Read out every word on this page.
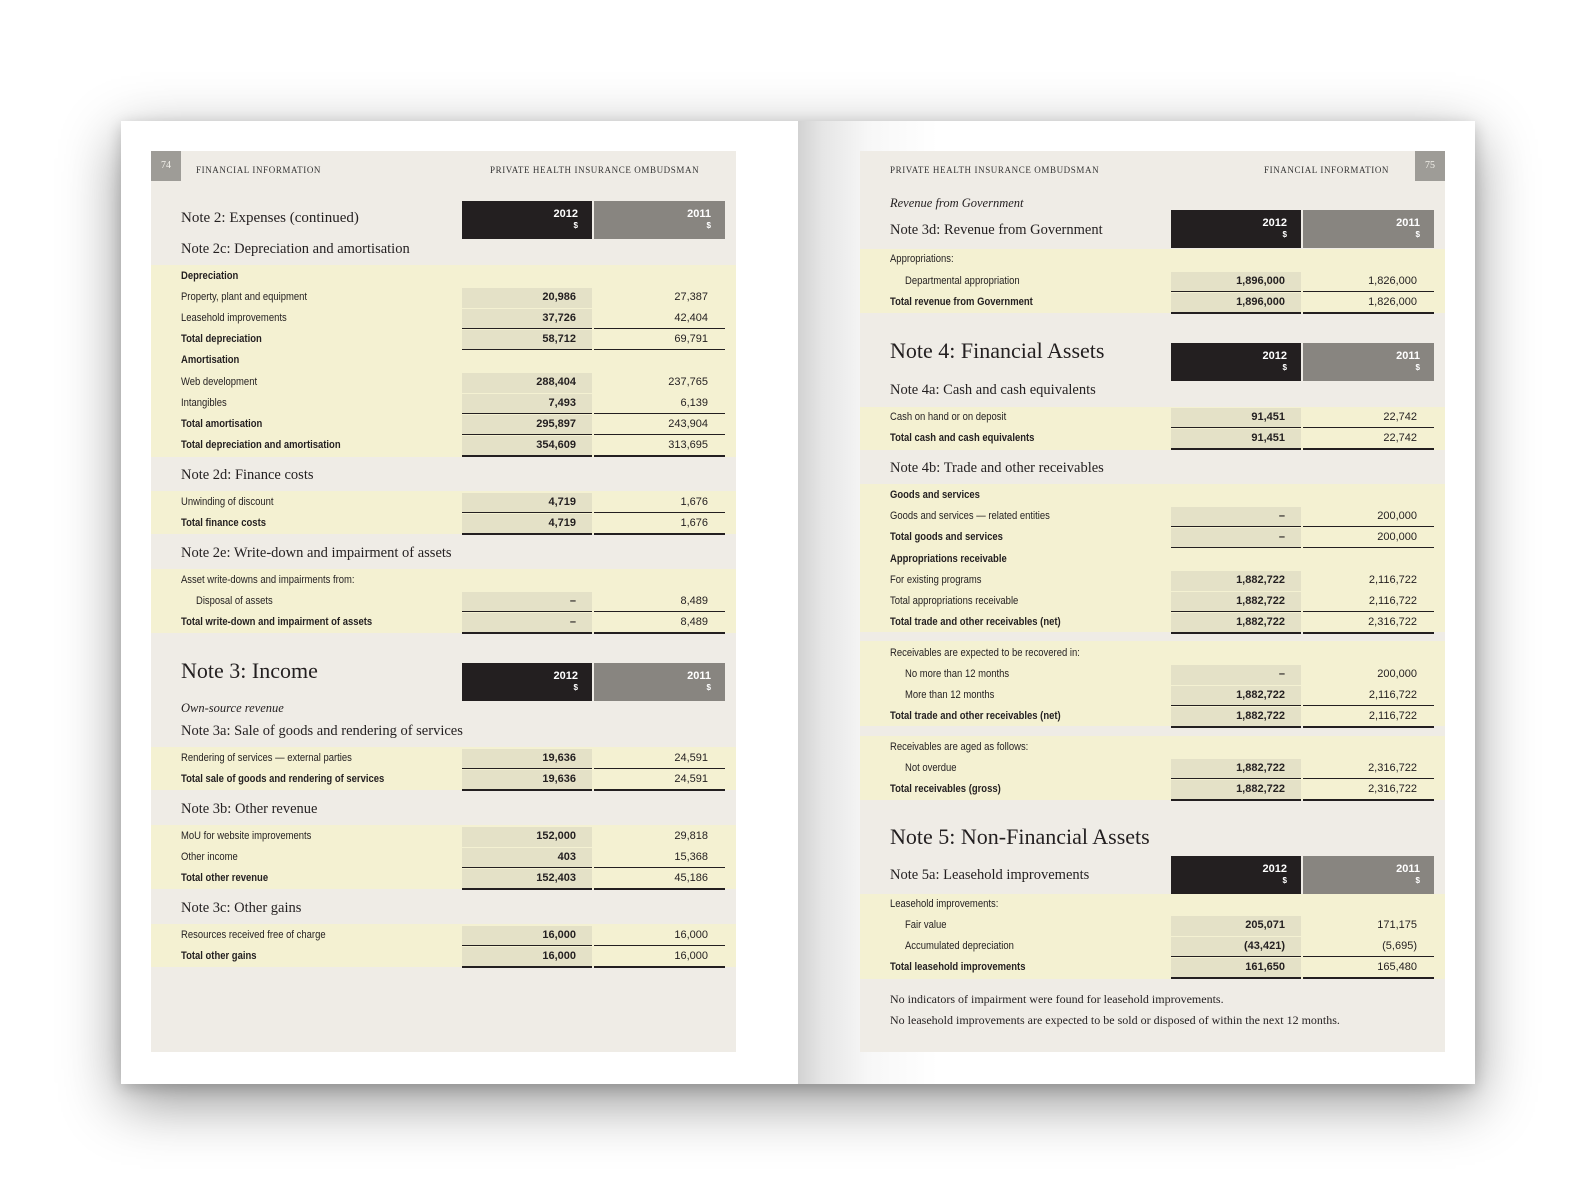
74	FINANCIAL INFORMATION	PRIVATE HEALTH INSURANCE OMBUDSMAN
2012
$
2011
$
Note 2: Expenses (continued)
Note 2c: Depreciation and amortisation
Depreciation
Property, plant and equipment	20,986	27,387
Leasehold improvements	37,726	42,404
Total depreciation	58,712	69,791
Amortisation
Web development	288,404	237,765
Intangibles	7,493	6,139
Total amortisation	295,897	243,904
Total depreciation and amortisation	354,609	313,695
Note 2d: Finance costs
Unwinding of discount	4,719	1,676
Total finance costs	4,719	1,676
Note 2e: Write-down and impairment of assets
Asset write-downs and impairments from:
Disposal of assets	–	8,489
Total write-down and impairment of assets	–	8,489
2012
$
2011
$
Note 3: Income
Own-source revenue
Note 3a: Sale of goods and rendering of services
Rendering of services — external parties	19,636	24,591
Total sale of goods and rendering of services	19,636	24,591
Note 3b: Other revenue
MoU for website improvements	152,000	29,818
Other income	403	15,368
Total other revenue	152,403	45,186
Note 3c: Other gains
Resources received free of charge	16,000	16,000
Total other gains	16,000	16,000
75
PRIVATE HEALTH INSURANCE OMBUDSMAN	FINANCIAL INFORMATION
Revenue from Government
2012
$
2011
$
Note 3d: Revenue from Government
Appropriations:
Departmental appropriation	1,896,000	1,826,000
Total revenue from Government	1,896,000	1,826,000
2012
$
2011
$
Note 4: Financial Assets
Note 4a: Cash and cash equivalents
Cash on hand or on deposit	91,451	22,742
Total cash and cash equivalents	91,451	22,742
Note 4b: Trade and other receivables
Goods and services
Goods and services — related entities	–	200,000
Total goods and services	–	200,000
Appropriations receivable
For existing programs	1,882,722	2,116,722
Total appropriations receivable	1,882,722	2,116,722
Total trade and other receivables (net)	1,882,722	2,316,722
Receivables are expected to be recovered in:
No more than 12 months	–	200,000
More than 12 months	1,882,722	2,116,722
Total trade and other receivables (net)	1,882,722	2,116,722
Receivables are aged as follows:
Not overdue	1,882,722	2,316,722
Total receivables (gross)	1,882,722	2,316,722
Note 5: Non-Financial Assets
2012
$
2011
$
Note 5a: Leasehold improvements
Leasehold improvements:
Fair value	205,071	171,175
Accumulated depreciation	(43,421)	(5,695)
Total leasehold improvements	161,650	165,480
No indicators of impairment were found for leasehold improvements.
No leasehold improvements are expected to be sold or disposed of within the next 12 months.
